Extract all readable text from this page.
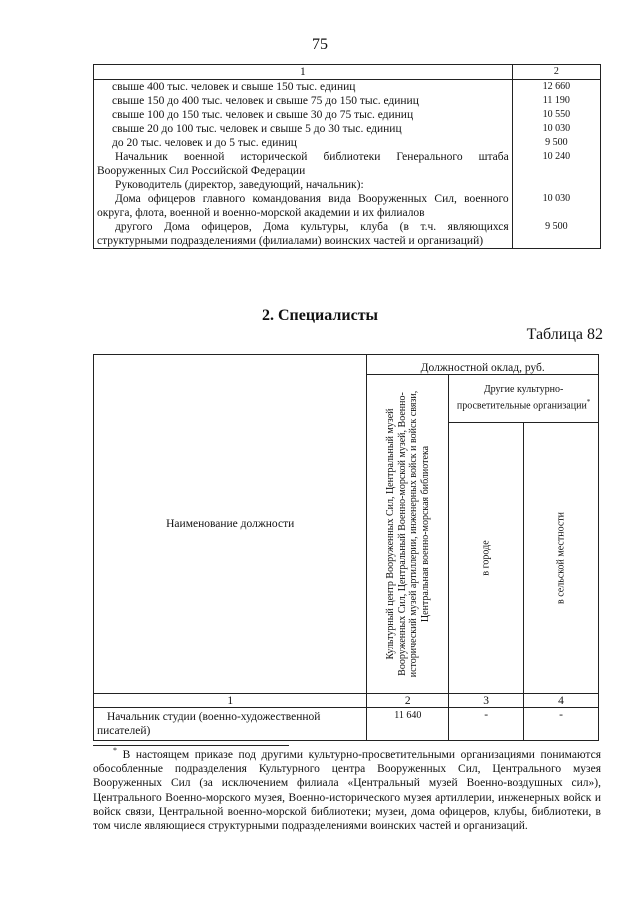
75
1	2
свыше 400 тыс. человек и свыше 150 тыс. единиц	12 660
свыше 150 до 400 тыс. человек и свыше 75 до 150 тыс. единиц	11 190
свыше 100 до 150 тыс. человек и свыше 30 до 75 тыс. единиц	10 550
свыше 20 до 100 тыс. человек и свыше 5 до 30 тыс. единиц	10 030
до 20 тыс. человек и до 5 тыс. единиц	9 500
Начальник военной исторической библиотеки Генерального штаба Вооруженных Сил Российской Федерации	10 240
Руководитель (директор, заведующий, начальник):	
Дома офицеров главного командования вида Вооруженных Сил, военного округа, флота, военной и военно-морской академии и их филиалов	10 030
другого Дома офицеров, Дома культуры, клуба (в т.ч. являющихся структурными подразделениями (филиалами) воинских частей и организаций)	9 500
2. Специалисты
Таблица 82
Наименование должности	Должностной оклад, руб.		

	Культурный центр Вооруженных Сил, Центральный музей Вооруженных Сил, Центральный Военно-морской музей, Военно- исторический музей артиллерии, инженерных войск и войск связи, Центральная военно-морская библиотека	Другие культурно-просветительные организации*

		в городе	в сельской местности

1	2	3	4
Начальник студии (военно-художественной писателей)	11 640	-	-

* В настоящем приказе под другими культурно-просветительными организациями понимаются обособленные подразделения Культурного центра Вооруженных Сил, Центрального музея Вооруженных Сил (за исключением филиала «Центральный музей Военно-воздушных сил»), Центрального Военно-морского музея, Военно-исторического музея артиллерии, инженерных войск и войск связи, Центральной военно-морской библиотеки; музеи, дома офицеров, клубы, библиотеки, в том числе являющиеся структурными подразделениями воинских частей и организаций.
